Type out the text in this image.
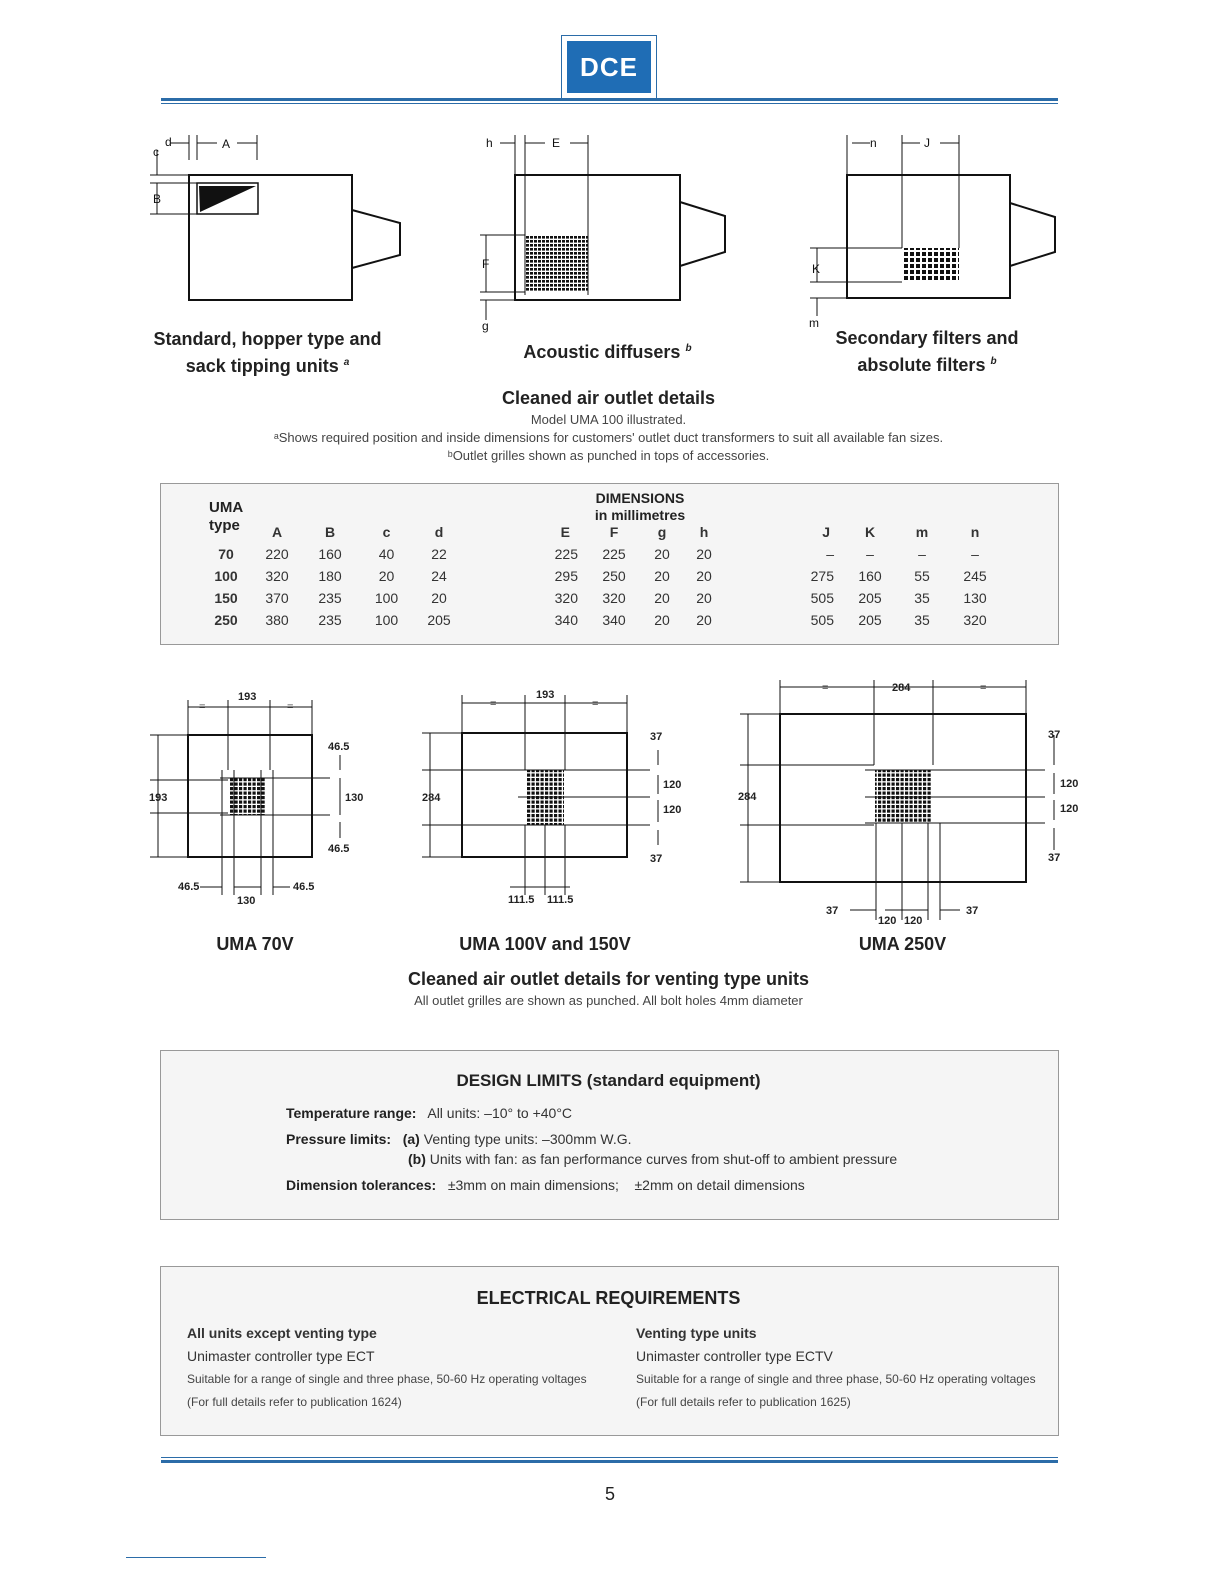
DCE
d
c
A
B
h	E
F
g
n	J
K
m
Standard, hopper type and
sack tipping units $^a$
Acoustic diffusers $^b$
Secondary filters and
absolute filters $^b$
Cleaned air outlet details
Model UMA 100 illustrated.
ᵃShows required position and inside dimensions for customers' outlet duct transformers to suit all available fan sizes.
ᵇOutlet grilles shown as punched in tops of accessories.
UMA
type
DIMENSIONS
in millimetres
	A	B	c	d	E	F	g	h	J	K	m	n
70	220	160	40	22	225	225	20	20	–	–	–	–
100	320	180	20	24	295	250	20	20	275	160	55	245
150	370	235	100	20	320	320	20	20	505	205	35	130
250	380	235	100	205	340	340	20	20	505	205	35	320
193
193
46.5
130
46.5
46.5
130
46.5
193
284
37
120
120
37
111.5 111.5
284
284
37
120
120
37
37
120 120
37
=	=	=	=
=	=
UMA 70V	UMA 100V and 150V	UMA 250V
Cleaned air outlet details for venting type units
All outlet grilles are shown as punched. All bolt holes 4mm diameter
DESIGN LIMITS (standard equipment)
Temperature range: All units: –10° to +40°C
Pressure limits: (a) Venting type units: –300mm W.G.
(b) Units with fan: as fan performance curves from shut-off to ambient pressure
Dimension tolerances: ±3mm on main dimensions; ±2mm on detail dimensions
ELECTRICAL REQUIREMENTS
All units except venting type
Unimaster controller type ECT
Suitable for a range of single and three phase, 50-60 Hz operating voltages
(For full details refer to publication 1624)
Venting type units
Unimaster controller type ECTV
Suitable for a range of single and three phase, 50-60 Hz operating voltages
(For full details refer to publication 1625)
5
